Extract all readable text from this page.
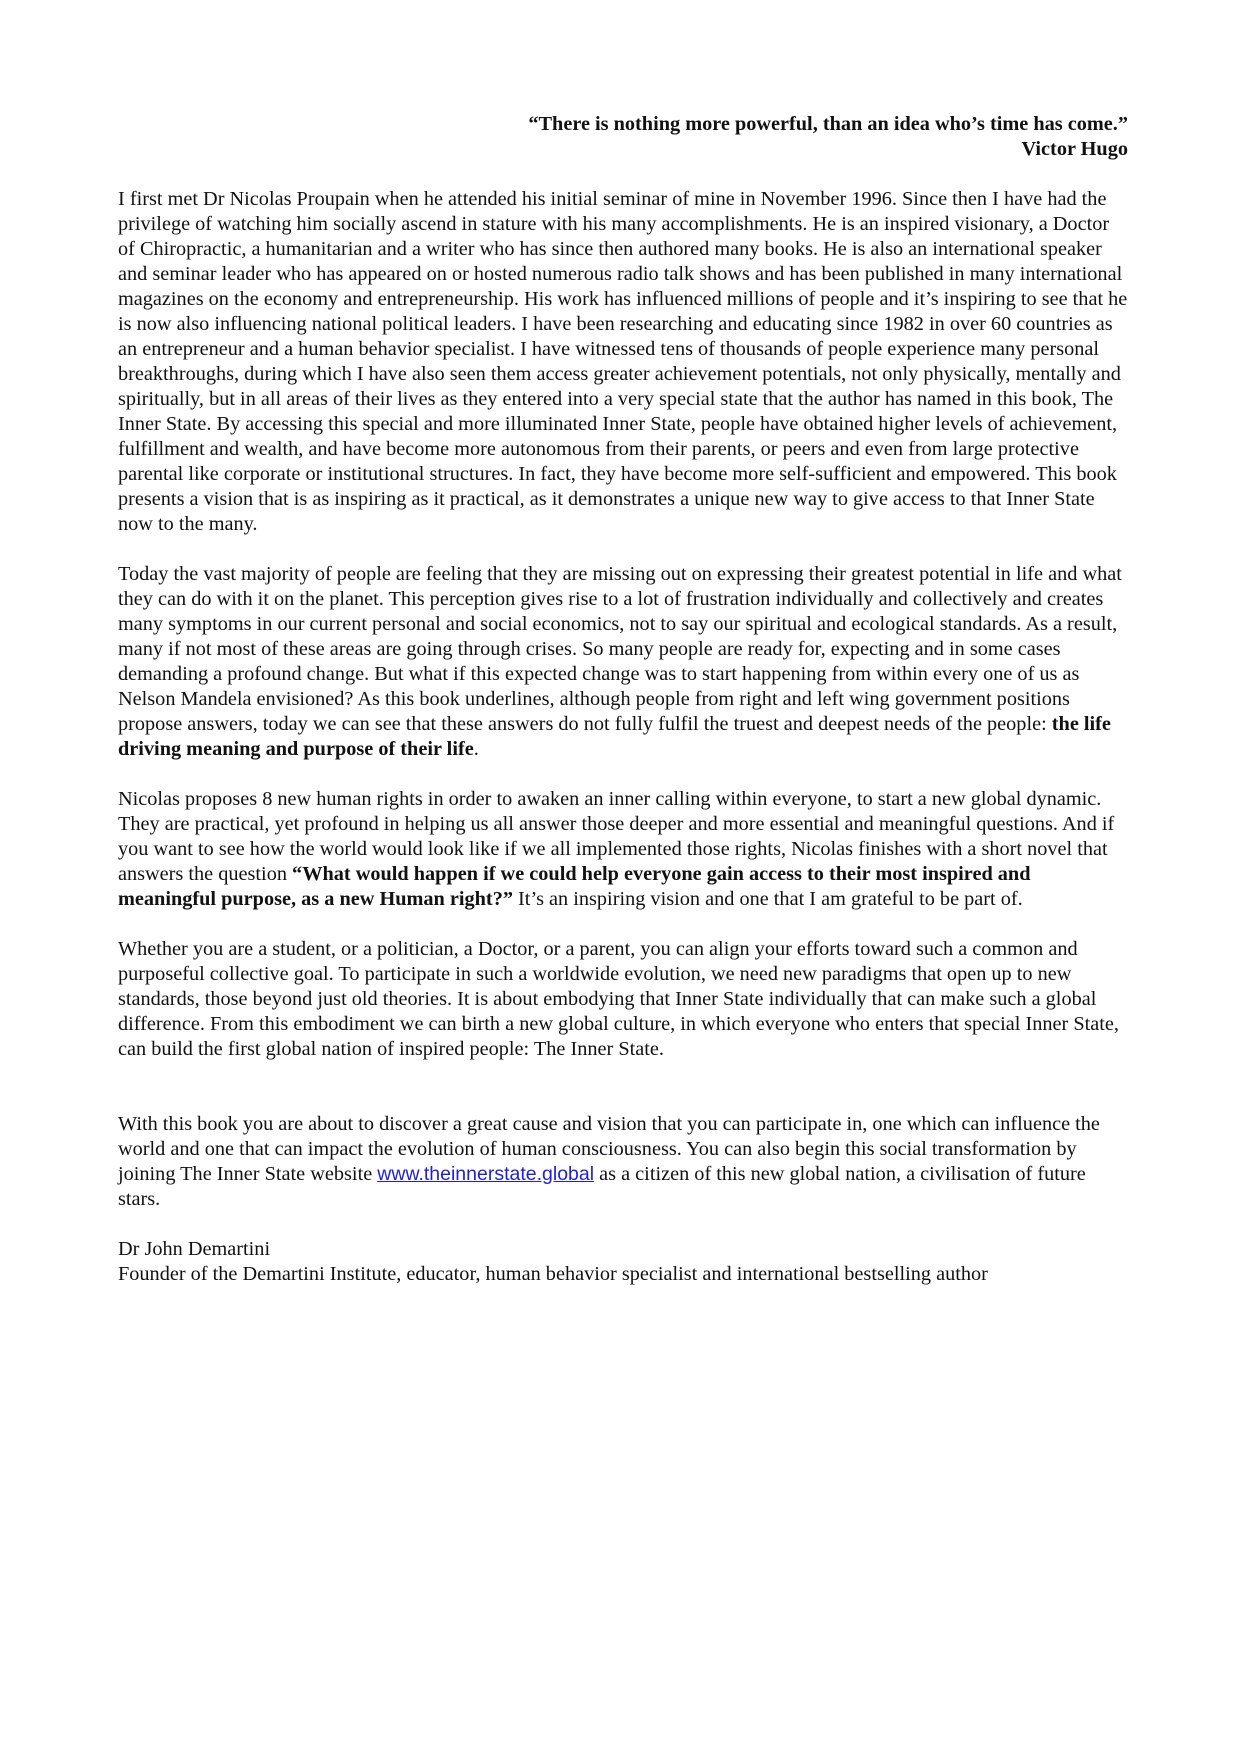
“There is nothing more powerful, than an idea who’s time has come.”
Victor Hugo

I first met Dr Nicolas Proupain when he attended his initial seminar of mine in November 1996. Since then I have had the privilege of watching him socially ascend in stature with his many accomplishments. He is an inspired visionary, a Doctor of Chiropractic, a humanitarian and a writer who has since then authored many books. He is also an international speaker and seminar leader who has appeared on or hosted numerous radio talk shows and has been published in many international magazines on the economy and entrepreneurship. His work has influenced millions of people and it’s inspiring to see that he is now also influencing national political leaders. I have been researching and educating since 1982 in over 60 countries as an entrepreneur and a human behavior specialist. I have witnessed tens of thousands of people experience many personal breakthroughs, during which I have also seen them access greater achievement potentials, not only physically, mentally and spiritually, but in all areas of their lives as they entered into a very special state that the author has named in this book, The Inner State. By accessing this special and more illuminated Inner State, people have obtained higher levels of achievement, fulfillment and wealth, and have become more autonomous from their parents, or peers and even from large protective parental like corporate or institutional structures. In fact, they have become more self-sufficient and empowered. This book presents a vision that is as inspiring as it practical, as it demonstrates a unique new way to give access to that Inner State now to the many.

Today the vast majority of people are feeling that they are missing out on expressing their greatest potential in life and what they can do with it on the planet. This perception gives rise to a lot of frustration individually and collectively and creates many symptoms in our current personal and social economics, not to say our spiritual and ecological standards. As a result, many if not most of these areas are going through crises. So many people are ready for, expecting and in some cases demanding a profound change. But what if this expected change was to start happening from within every one of us as Nelson Mandela envisioned? As this book underlines, although people from right and left wing government positions propose answers, today we can see that these answers do not fully fulfil the truest and deepest needs of the people: the life driving meaning and purpose of their life.

Nicolas proposes 8 new human rights in order to awaken an inner calling within everyone, to start a new global dynamic. They are practical, yet profound in helping us all answer those deeper and more essential and meaningful questions. And if you want to see how the world would look like if we all implemented those rights, Nicolas finishes with a short novel that answers the question “What would happen if we could help everyone gain access to their most inspired and meaningful purpose, as a new Human right?” It’s an inspiring vision and one that I am grateful to be part of.

Whether you are a student, or a politician, a Doctor, or a parent, you can align your efforts toward such a common and purposeful collective goal. To participate in such a worldwide evolution, we need new paradigms that open up to new standards, those beyond just old theories. It is about embodying that Inner State individually that can make such a global difference. From this embodiment we can birth a new global culture, in which everyone who enters that special Inner State, can build the first global nation of inspired people: The Inner State.

With this book you are about to discover a great cause and vision that you can participate in, one which can influence the world and one that can impact the evolution of human consciousness. You can also begin this social transformation by joining The Inner State website www.theinnerstate.global as a citizen of this new global nation, a civilisation of future stars.

Dr John Demartini
Founder of the Demartini Institute, educator, human behavior specialist and international bestselling author
